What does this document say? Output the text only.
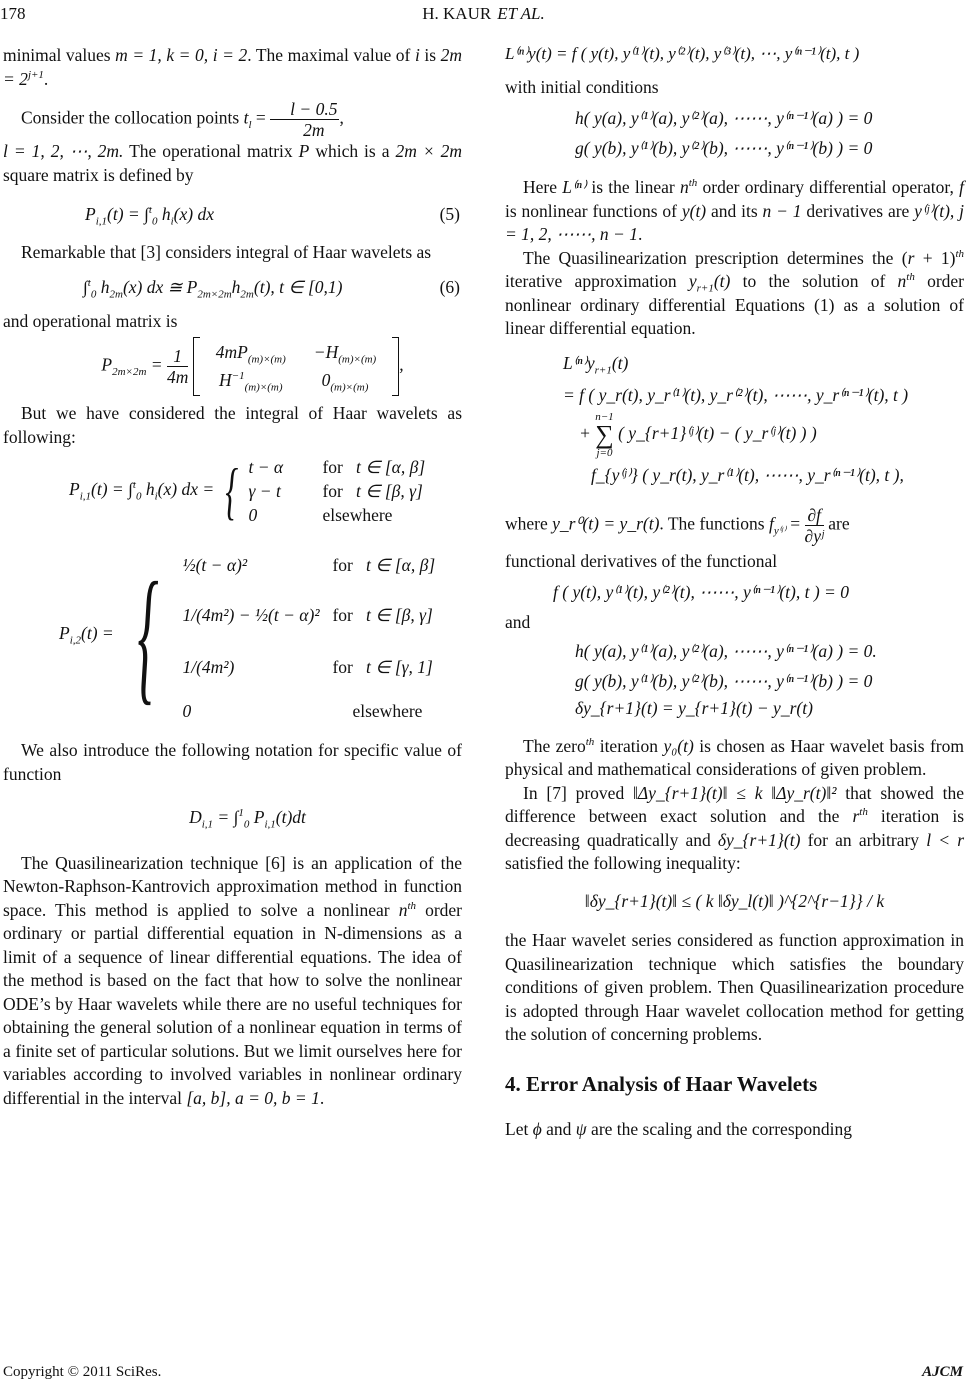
178	H. KAUR ET AL.

minimal values m = 1, k = 0, i = 2. The maximal value of i is $2m = 2^{j+1}$.

Consider the collocation points $t_l = \frac{l - 0.5}{2m}$ ,

l = 1, 2, ⋯, 2m. The operational matrix P which is a 2m × 2m square matrix is defined by

$P_{i,1}(t) = \int^t_0$ $h_i(x)$ dx	(5)

Remarkable that [3] considers integral of Haar wavelets as

∫$^t_0$ $h_{2m}(x)$ dx ≅ $P_{2m\times 2m}h_{2m}(t)$, t ∈ [0,1)	(6)

and operational matrix is

$P_{2m\times 2m} = \frac{1}{4m}$
$4mP_{(m)\times(m)}$	$-H_{(m)\times(m)}$
$H^{-1}_{(m)\times(m)}$	$0_{(m)\times(m)}$
,

But we have considered the integral of Haar wavelets as following:

$P_{i,1}(t) = \int^t_0$ $h_i(x)$ dx = { t − α for t ∈ [α, β]
γ − t for t ∈ [β, γ]
0	elsewhere
$P_{i,2}(t)$ = { ½(t − α)²	for t ∈ [α, β]
1/(4m²) − ½(t − α)² for t ∈ [β, γ]
1/(4m²)	for t ∈ [γ, 1]
0	elsewhere

We also introduce the following notation for specific value of function

$D_{i,1} = \int^1_0$ $P_{i,1}(t)dt$

The Quasilinearization technique [6] is an application of the Newton-Raphson-Kantrovich approximation method in function space. This method is applied to solve a nonlinear $n^{th}$ order ordinary or partial differential equation in N-dimensions as a limit of a sequence of linear differential equations. The idea of the method is based on the fact that how to solve the nonlinear ODE’s by Haar wavelets while there are no useful techniques for obtaining the general solution of a nonlinear equation in terms of a finite set of particular solutions. But we limit ourselves here for variables according to involved variables in nonlinear ordinary differential in the interval [a, b], a = 0, b = 1.

L⁽ⁿ⁾y(t) = f ( y(t), y⁽¹⁾(t), y⁽²⁾(t), y⁽³⁾(t), ⋯, y⁽ⁿ⁻¹⁾(t), t )

with initial conditions

h( y(a), y⁽¹⁾(a), y⁽²⁾(a), ⋯⋯, y⁽ⁿ⁻¹⁾(a) ) = 0
g( y(b), y⁽¹⁾(b), y⁽²⁾(b), ⋯⋯, y⁽ⁿ⁻¹⁾(b) ) = 0

Here L⁽ⁿ⁾ is the linear $n^{th}$ order ordinary differential operator, f is nonlinear functions of y(t) and its n − 1 derivatives are y⁽ʲ⁾(t), j = 1, 2, ⋯⋯, n − 1.

The Quasilinearization prescription determines the $(r + 1)^{th}$ iterative approximation $y_{r+1}(t)$ to the solution of $n^{th}$ order nonlinear ordinary differential Equations (1) as a solution of linear differential equation.

$L^{(n)}y_{r+1}(t)$
= f ( y_r(t), y_r⁽¹⁾(t), y_r⁽²⁾(t), ⋯⋯, y_r⁽ⁿ⁻¹⁾(t), t )
+
n−1
∑
j=0
( y_{r+1}⁽ʲ⁾(t) − ( y_r⁽ʲ⁾(t) ) )
f_{y⁽ʲ⁾} ( y_r(t), y_r⁽¹⁾(t), ⋯⋯, y_r⁽ⁿ⁻¹⁾(t), t ),

where y_r⁰(t) = y_r(t). The functions $f_{y^(ʲ^)} = \frac{\partial f}{\text{∂yʲ}}$ are

functional derivatives of the functional

f ( y(t), y⁽¹⁾(t), y⁽²⁾(t), ⋯⋯, y⁽ⁿ⁻¹⁾(t), t ) = 0

and

h( y(a), y⁽¹⁾(a), y⁽²⁾(a), ⋯⋯, y⁽ⁿ⁻¹⁾(a) ) = 0.
g( y(b), y⁽¹⁾(b), y⁽²⁾(b), ⋯⋯, y⁽ⁿ⁻¹⁾(b) ) = 0
δy_{r+1}(t) = y_{r+1}(t) − y_r(t)

The zero$^{th}$ iteration y₀(t) is chosen as Haar wavelet basis from physical and mathematical considerations of given problem.

In [7] proved ‖Δy_{r+1}(t)‖ ≤ k ‖Δy_r(t)‖² that showed the difference between exact solution and the $r^{th}$ iteration is decreasing quadratically and δy_{r+1}(t) for an arbitrary l < r satisfied the following inequality:

‖δy_{r+1}(t)‖ ≤ ( k ‖δy_l(t)‖ )^{2^{r−1}} / k

the Haar wavelet series considered as function approximation in Quasilinearization technique which satisfies the boundary conditions of given problem. Then Quasilinearization procedure is adopted through Haar wavelet collocation method for getting the solution of concerning problems.

4. Error Analysis of Haar Wavelets

Let ϕ and ψ are the scaling and the corresponding

Copyright © 2011 SciRes.	AJCM
